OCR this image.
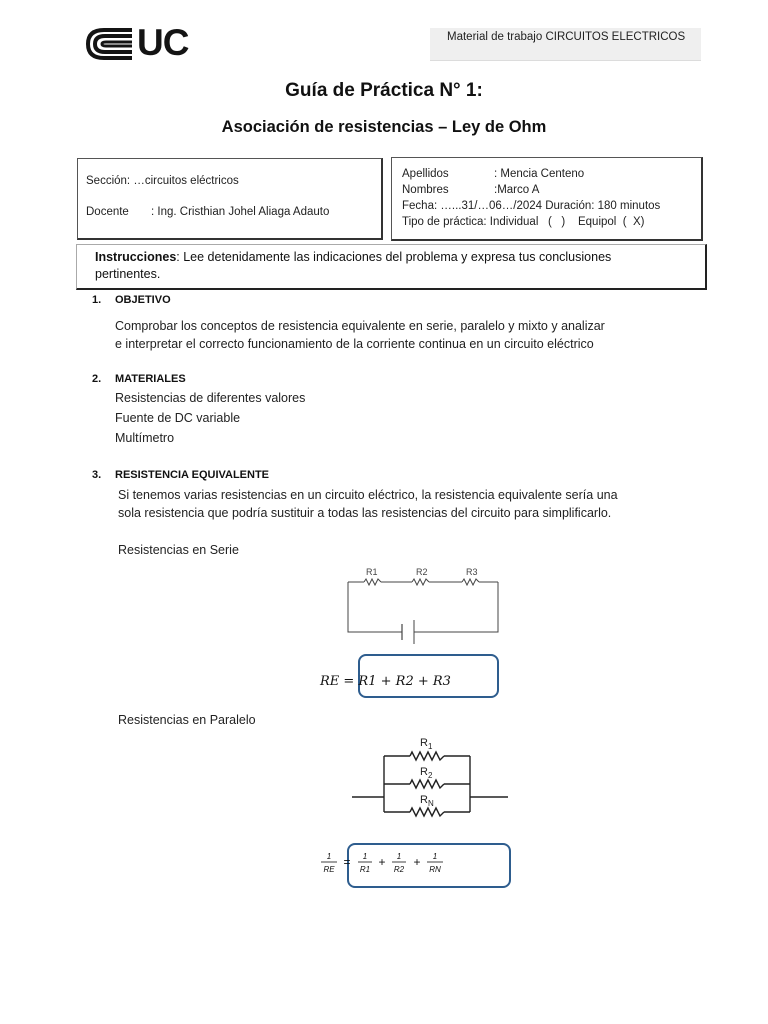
UC	Material de trabajo CIRCUITOS ELECTRICOS
Guía de Práctica N° 1:
Asociación de resistencias – Ley de Ohm
Sección: …circuitos eléctricos
Docente : Ing. Cristhian Johel Aliaga Adauto
Apellidos	: Mencia Centeno
Nombres	:Marco A
Fecha : …...31/…06…/2024 Duración: 180 minutos
Tipo de práctica: Individual   (   )    Equipol  (  X)
Instrucciones: Lee detenidamente las indicaciones del problema y expresa tus conclusiones
pertinentes.
1. OBJETIVO
Comprobar los conceptos de resistencia equivalente en serie, paralelo y mixto y analizar
e interpretar el correcto funcionamiento de la corriente continua en un circuito eléctrico
2. MATERIALES
Resistencias de diferentes valores
Fuente de DC variable
Multímetro
3. RESISTENCIA EQUIVALENTE
Si tenemos varias resistencias en un circuito eléctrico, la resistencia equivalente sería una
sola resistencia que podría sustituir a todas las resistencias del circuito para simplificarlo.
Resistencias en Serie
R1	R2	R3
RE = R1 + R2 + R3
Resistencias en Paralelo
$R_1$
$R_2$
$R_N$
1
RE
= 1
R1
+ 1
R2
+ 1
RN
